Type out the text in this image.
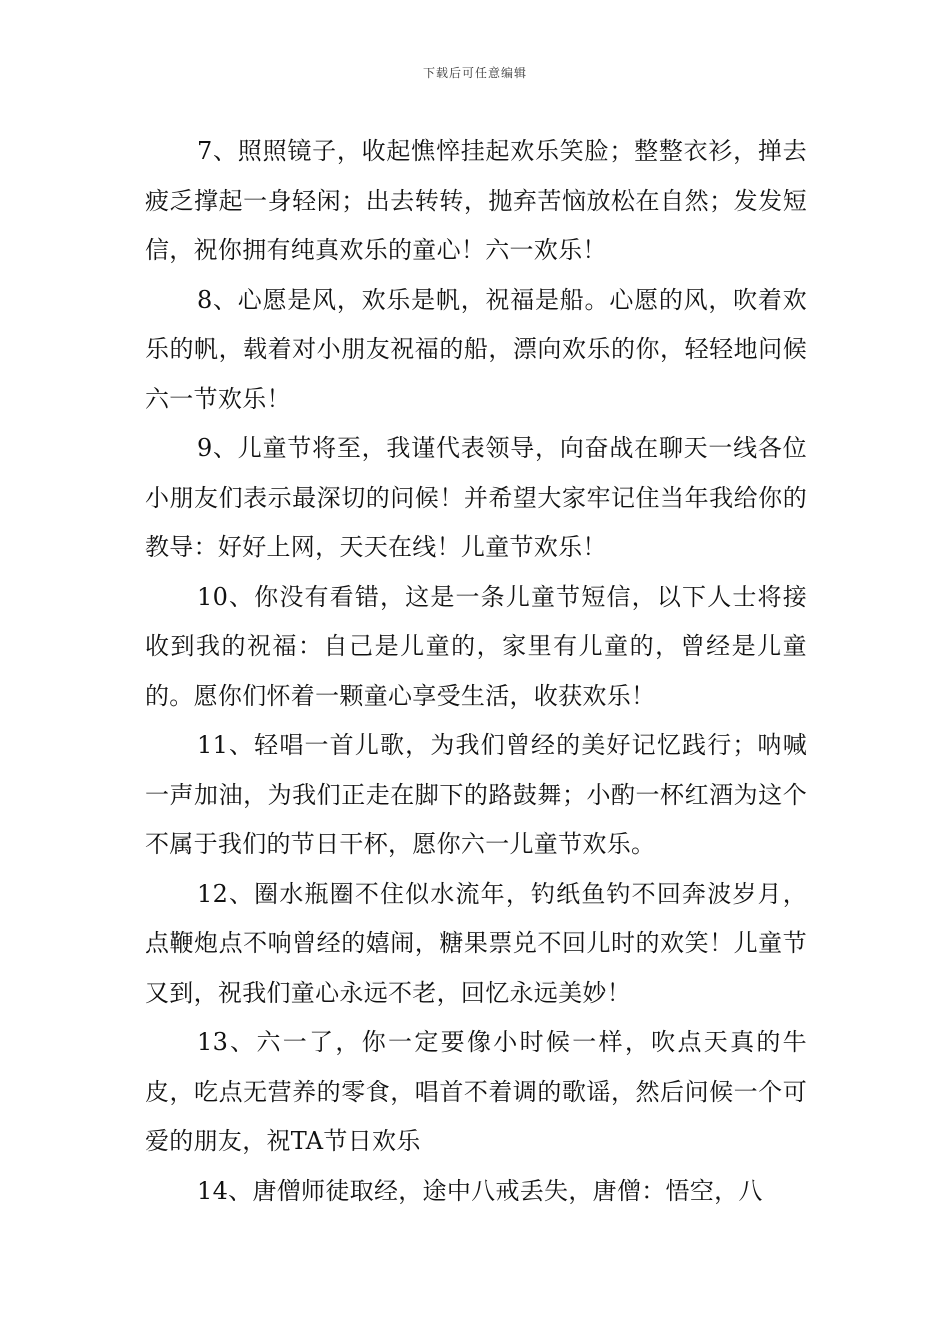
下载后可任意编辑

7、照照镜子，收起憔悴挂起欢乐笑脸；整整衣衫，掸去疲乏撑起一身轻闲；出去转转，抛弃苦恼放松在自然；发发短信，祝你拥有纯真欢乐的童心！六一欢乐！

8、心愿是风，欢乐是帆，祝福是船。心愿的风，吹着欢乐的帆，载着对小朋友祝福的船，漂向欢乐的你，轻轻地问候六一节欢乐！

9、儿童节将至，我谨代表领导，向奋战在聊天一线各位小朋友们表示最深切的问候！并希望大家牢记住当年我给你的教导：好好上网，天天在线！儿童节欢乐！

10、你没有看错，这是一条儿童节短信，以下人士将接收到我的祝福：自己是儿童的，家里有儿童的，曾经是儿童的。愿你们怀着一颗童心享受生活，收获欢乐！

11、轻唱一首儿歌，为我们曾经的美好记忆践行；呐喊一声加油，为我们正走在脚下的路鼓舞；小酌一杯红酒为这个不属于我们的节日干杯，愿你六一儿童节欢乐。

12、圈水瓶圈不住似水流年，钓纸鱼钓不回奔波岁月，点鞭炮点不响曾经的嬉闹，糖果票兑不回儿时的欢笑！儿童节又到，祝我们童心永远不老，回忆永远美妙！

13、六一了，你一定要像小时候一样，吹点天真的牛皮，吃点无营养的零食，唱首不着调的歌谣，然后问候一个可爱的朋友，祝TA节日欢乐

14、唐僧师徒取经，途中八戒丢失，唐僧：悟空，八
